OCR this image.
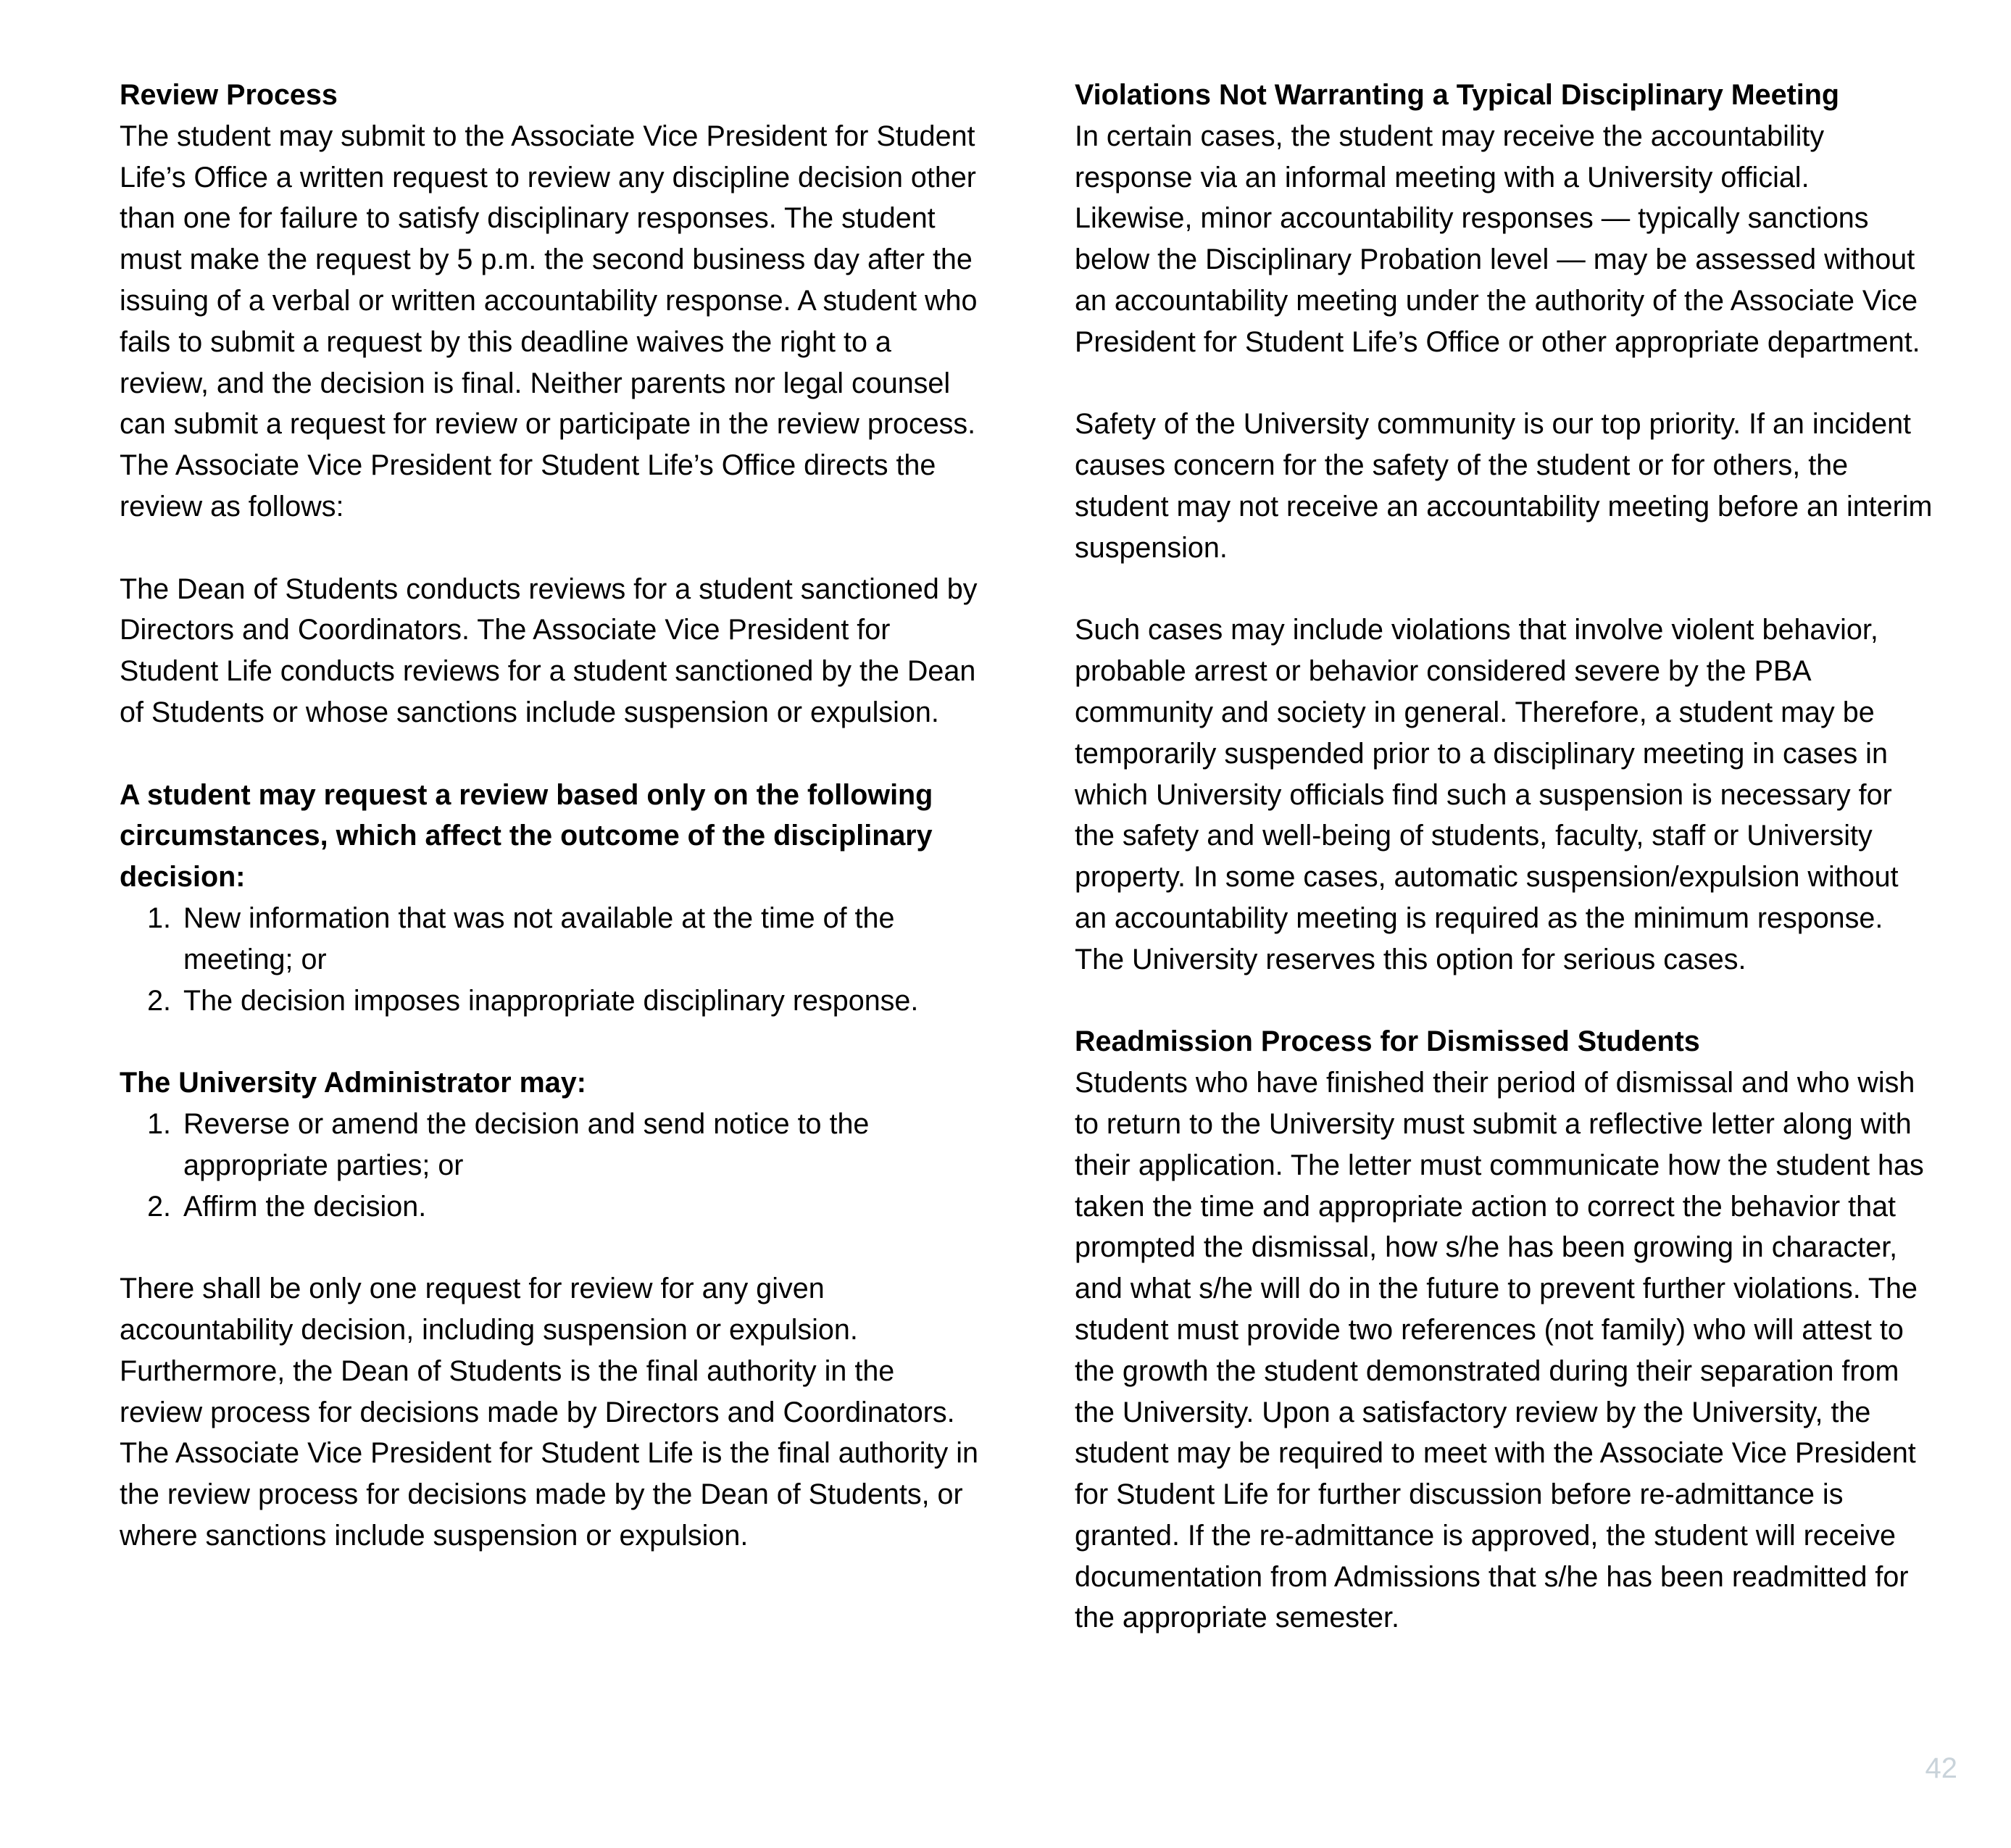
Review Process

The student may submit to the Associate Vice President for Student Life’s Office a written request to review any discipline decision other than one for failure to satisfy disciplinary responses. The student must make the request by 5 p.m. the second business day after the issuing of a verbal or written accountability response. A student who fails to submit a request by this deadline waives the right to a review, and the decision is final. Neither parents nor legal counsel can submit a request for review or participate in the review process. The Associate Vice President for Student Life’s Office directs the review as follows:

The Dean of Students conducts reviews for a student sanctioned by Directors and Coordinators. The Associate Vice President for Student Life conducts reviews for a student sanctioned by the Dean of Students or whose sanctions include suspension or expulsion.

A student may request a review based only on the following circumstances, which affect the outcome of the disciplinary decision:
1. New information that was not available at the time of the meeting; or
2. The decision imposes inappropriate disciplinary response.
The University Administrator may:
1. Reverse or amend the decision and send notice to the appropriate parties; or
2. Affirm the decision.

There shall be only one request for review for any given accountability decision, including suspension or expulsion. Furthermore, the Dean of Students is the final authority in the review process for decisions made by Directors and Coordinators. The Associate Vice President for Student Life is the final authority in the review process for decisions made by the Dean of Students, or where sanctions include suspension or expulsion.

Violations Not Warranting a Typical Disciplinary Meeting

In certain cases, the student may receive the accountability response via an informal meeting with a University official. Likewise, minor accountability responses — typically sanctions below the Disciplinary Probation level — may be assessed without an accountability meeting under the authority of the Associate Vice President for Student Life’s Office or other appropriate department.

Safety of the University community is our top priority. If an incident causes concern for the safety of the student or for others, the student may not receive an accountability meeting before an interim suspension.

Such cases may include violations that involve violent behavior, probable arrest or behavior considered severe by the PBA community and society in general. Therefore, a student may be temporarily suspended prior to a disciplinary meeting in cases in which University officials find such a suspension is necessary for the safety and well-being of students, faculty, staff or University property. In some cases, automatic suspension/expulsion without an accountability meeting is required as the minimum response. The University reserves this option for serious cases.

Readmission Process for Dismissed Students

Students who have finished their period of dismissal and who wish to return to the University must submit a reflective letter along with their application. The letter must communicate how the student has taken the time and appropriate action to correct the behavior that prompted the dismissal, how s/he has been growing in character, and what s/he will do in the future to prevent further violations. The student must provide two references (not family) who will attest to the growth the student demonstrated during their separation from the University. Upon a satisfactory review by the University, the student may be required to meet with the Associate Vice President for Student Life for further discussion before re-admittance is granted. If the re-admittance is approved, the student will receive documentation from Admissions that s/he has been readmitted for the appropriate semester.

42
